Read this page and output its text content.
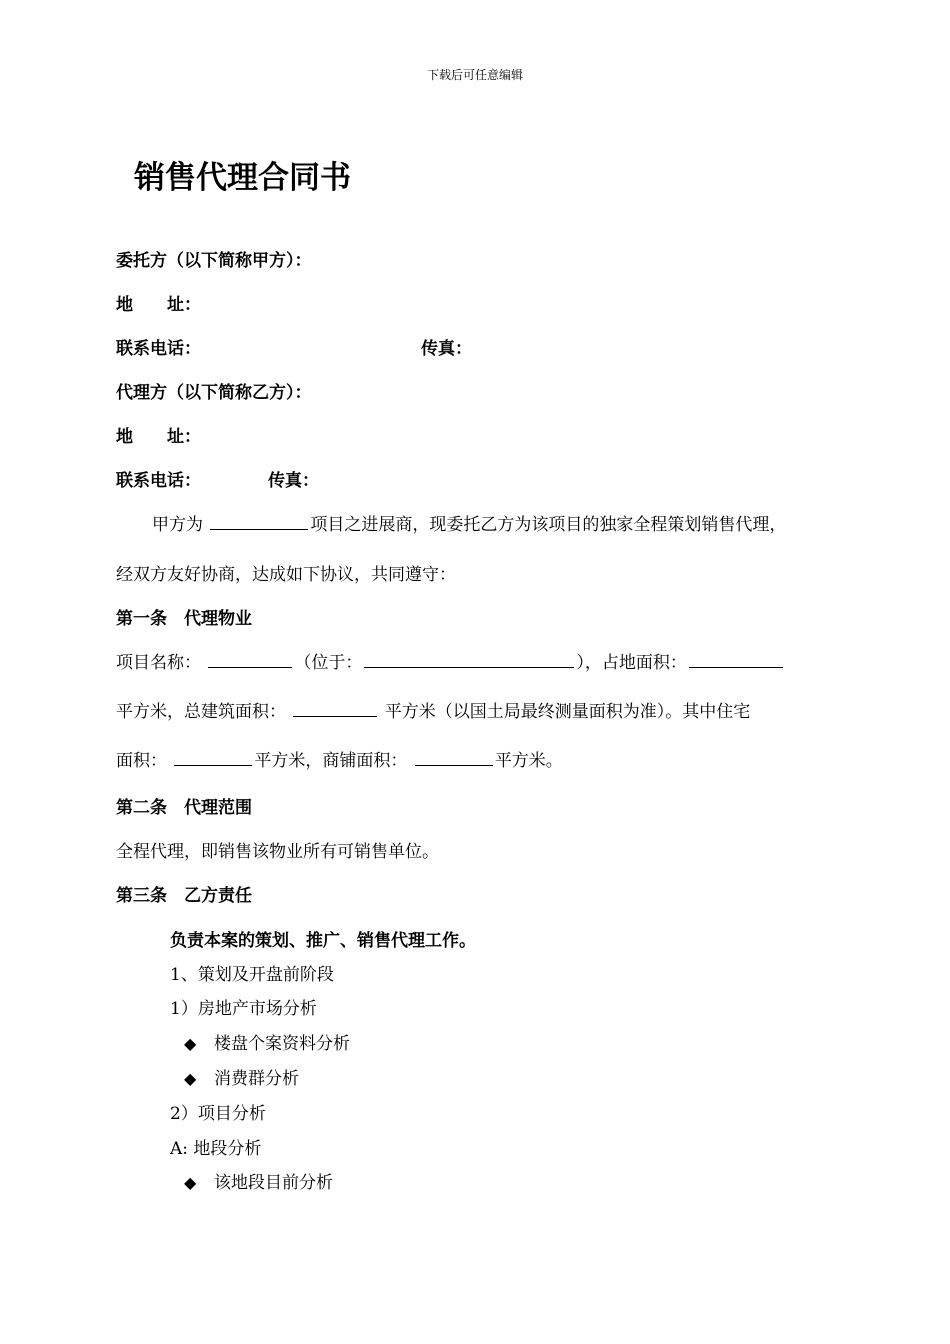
下载后可任意编辑
销售代理合同书
委托方（以下简称甲方）：
地　　址：
联系电话：	传真：
代理方（以下简称乙方）：
地　　址：
联系电话：	传真：
甲方为	项目之进展商，现委托乙方为该项目的独家全程策划销售代理，
经双方友好协商，达成如下协议，共同遵守：
第一条　代理物业
项目名称：	（位于：	），占地面积：
平方米，总建筑面积：	平方米（以国土局最终测量面积为准）。其中住宅
面积：	平方米，商铺面积：	平方米。
第二条　代理范围
全程代理，即销售该物业所有可销售单位。
第三条　乙方责任
负责本案的策划、推广、销售代理工作。
1、策划及开盘前阶段
1）房地产市场分析
◆ 楼盘个案资料分析
◆ 消费群分析
2）项目分析
A: 地段分析
◆ 该地段目前分析
